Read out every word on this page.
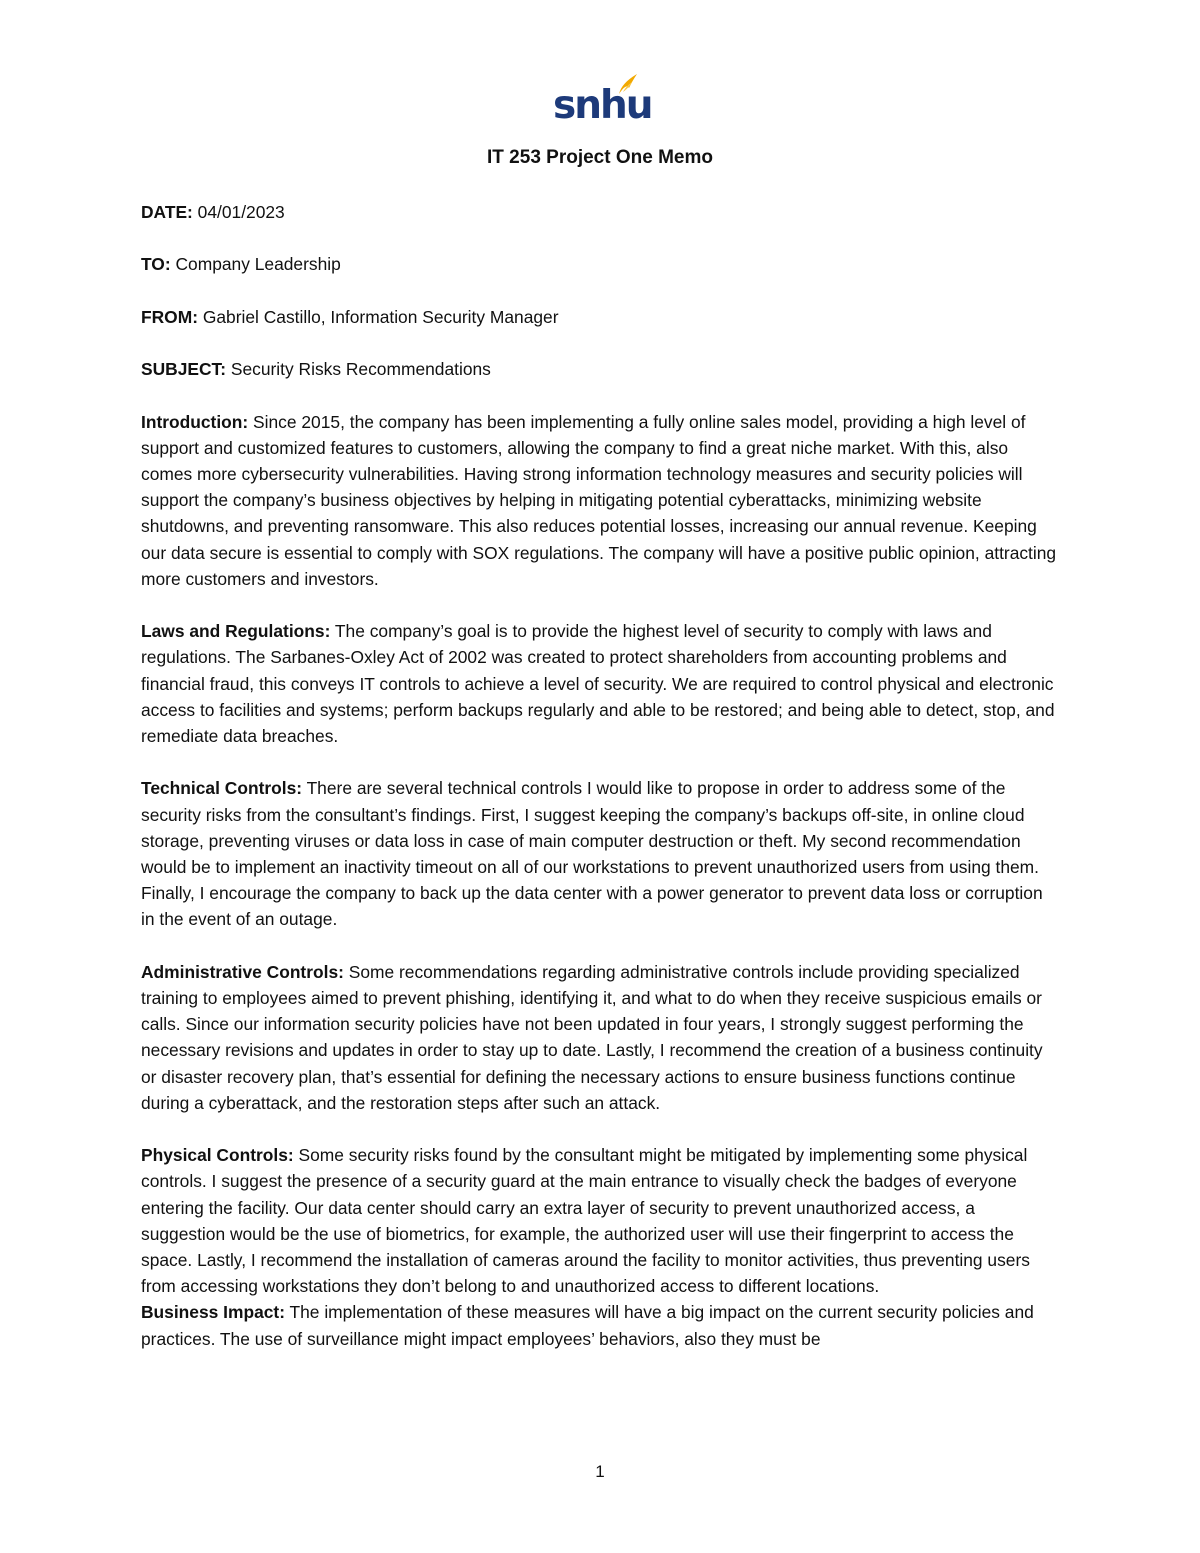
snhu
IT 253 Project One Memo

DATE: 04/01/2023

TO: Company Leadership

FROM: Gabriel Castillo, Information Security Manager

SUBJECT: Security Risks Recommendations

Introduction: Since 2015, the company has been implementing a fully online sales model, providing a high level of support and customized features to customers, allowing the company to find a great niche market. With this, also comes more cybersecurity vulnerabilities. Having strong information technology measures and security policies will support the company’s business objectives by helping in mitigating potential cyberattacks, minimizing website shutdowns, and preventing ransomware. This also reduces potential losses, increasing our annual revenue. Keeping our data secure is essential to comply with SOX regulations. The company will have a positive public opinion, attracting more customers and investors.

Laws and Regulations: The company’s goal is to provide the highest level of security to comply with laws and regulations. The Sarbanes-Oxley Act of 2002 was created to protect shareholders from accounting problems and financial fraud, this conveys IT controls to achieve a level of security. We are required to control physical and electronic access to facilities and systems; perform backups regularly and able to be restored; and being able to detect, stop, and remediate data breaches.

Technical Controls: There are several technical controls I would like to propose in order to address some of the security risks from the consultant’s findings. First, I suggest keeping the company’s backups off-site, in online cloud storage, preventing viruses or data loss in case of main computer destruction or theft. My second recommendation would be to implement an inactivity timeout on all of our workstations to prevent unauthorized users from using them. Finally, I encourage the company to back up the data center with a power generator to prevent data loss or corruption in the event of an outage.

Administrative Controls: Some recommendations regarding administrative controls include providing specialized training to employees aimed to prevent phishing, identifying it, and what to do when they receive suspicious emails or calls. Since our information security policies have not been updated in four years, I strongly suggest performing the necessary revisions and updates in order to stay up to date. Lastly, I recommend the creation of a business continuity or disaster recovery plan, that’s essential for defining the necessary actions to ensure business functions continue during a cyberattack, and the restoration steps after such an attack.

Physical Controls: Some security risks found by the consultant might be mitigated by implementing some physical controls. I suggest the presence of a security guard at the main entrance to visually check the badges of everyone entering the facility. Our data center should carry an extra layer of security to prevent unauthorized access, a suggestion would be the use of biometrics, for example, the authorized user will use their fingerprint to access the space. Lastly, I recommend the installation of cameras around the facility to monitor activities, thus preventing users from accessing workstations they don’t belong to and unauthorized access to different locations.

Business Impact: The implementation of these measures will have a big impact on the current security policies and practices. The use of surveillance might impact employees’ behaviors, also they must be

1
